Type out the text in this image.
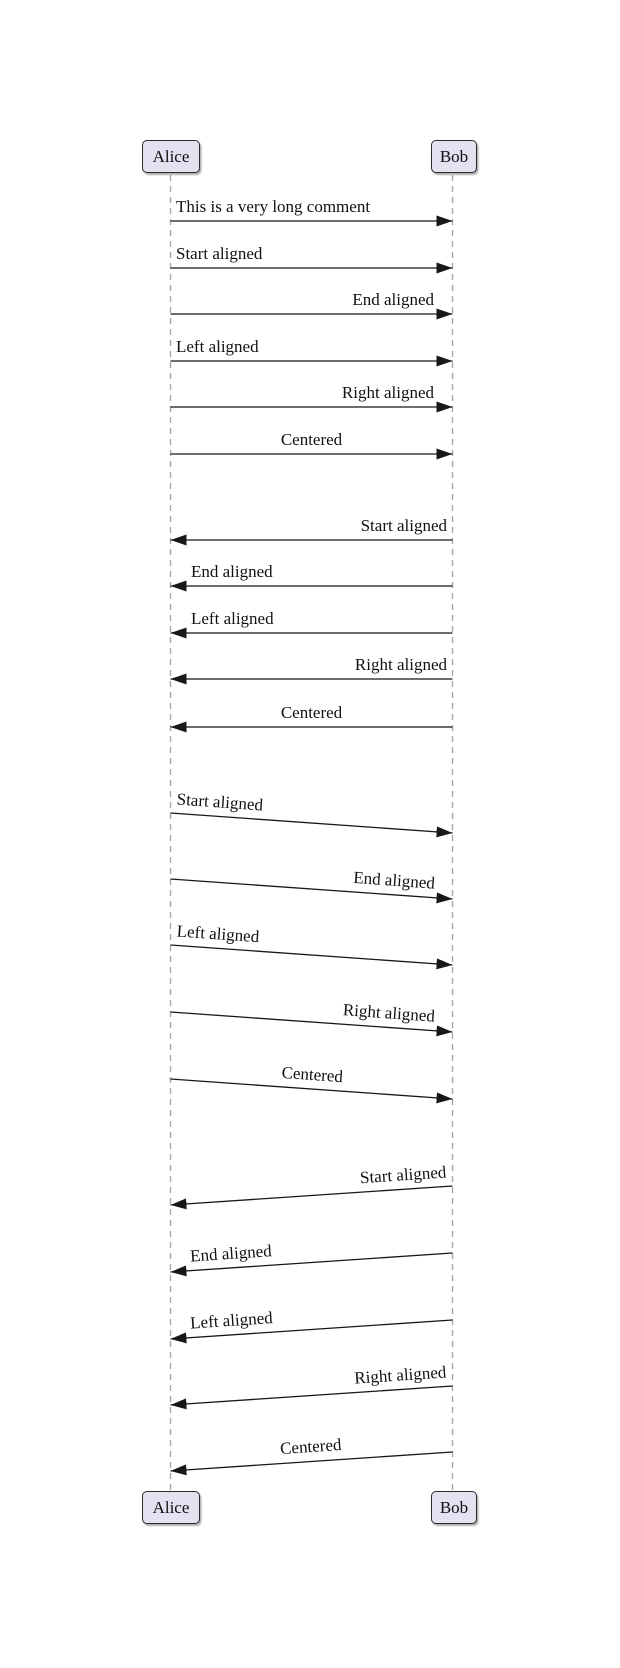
Alice	Bob
Alice	Bob
This is a very long comment
Start aligned
End aligned
Left aligned
Right aligned
Centered
Start aligned
End aligned
Left aligned
Right aligned
Centered
Start aligned
End aligned
Left aligned
Right aligned
Centered
Start aligned
End aligned
Left aligned
Right aligned
Centered
